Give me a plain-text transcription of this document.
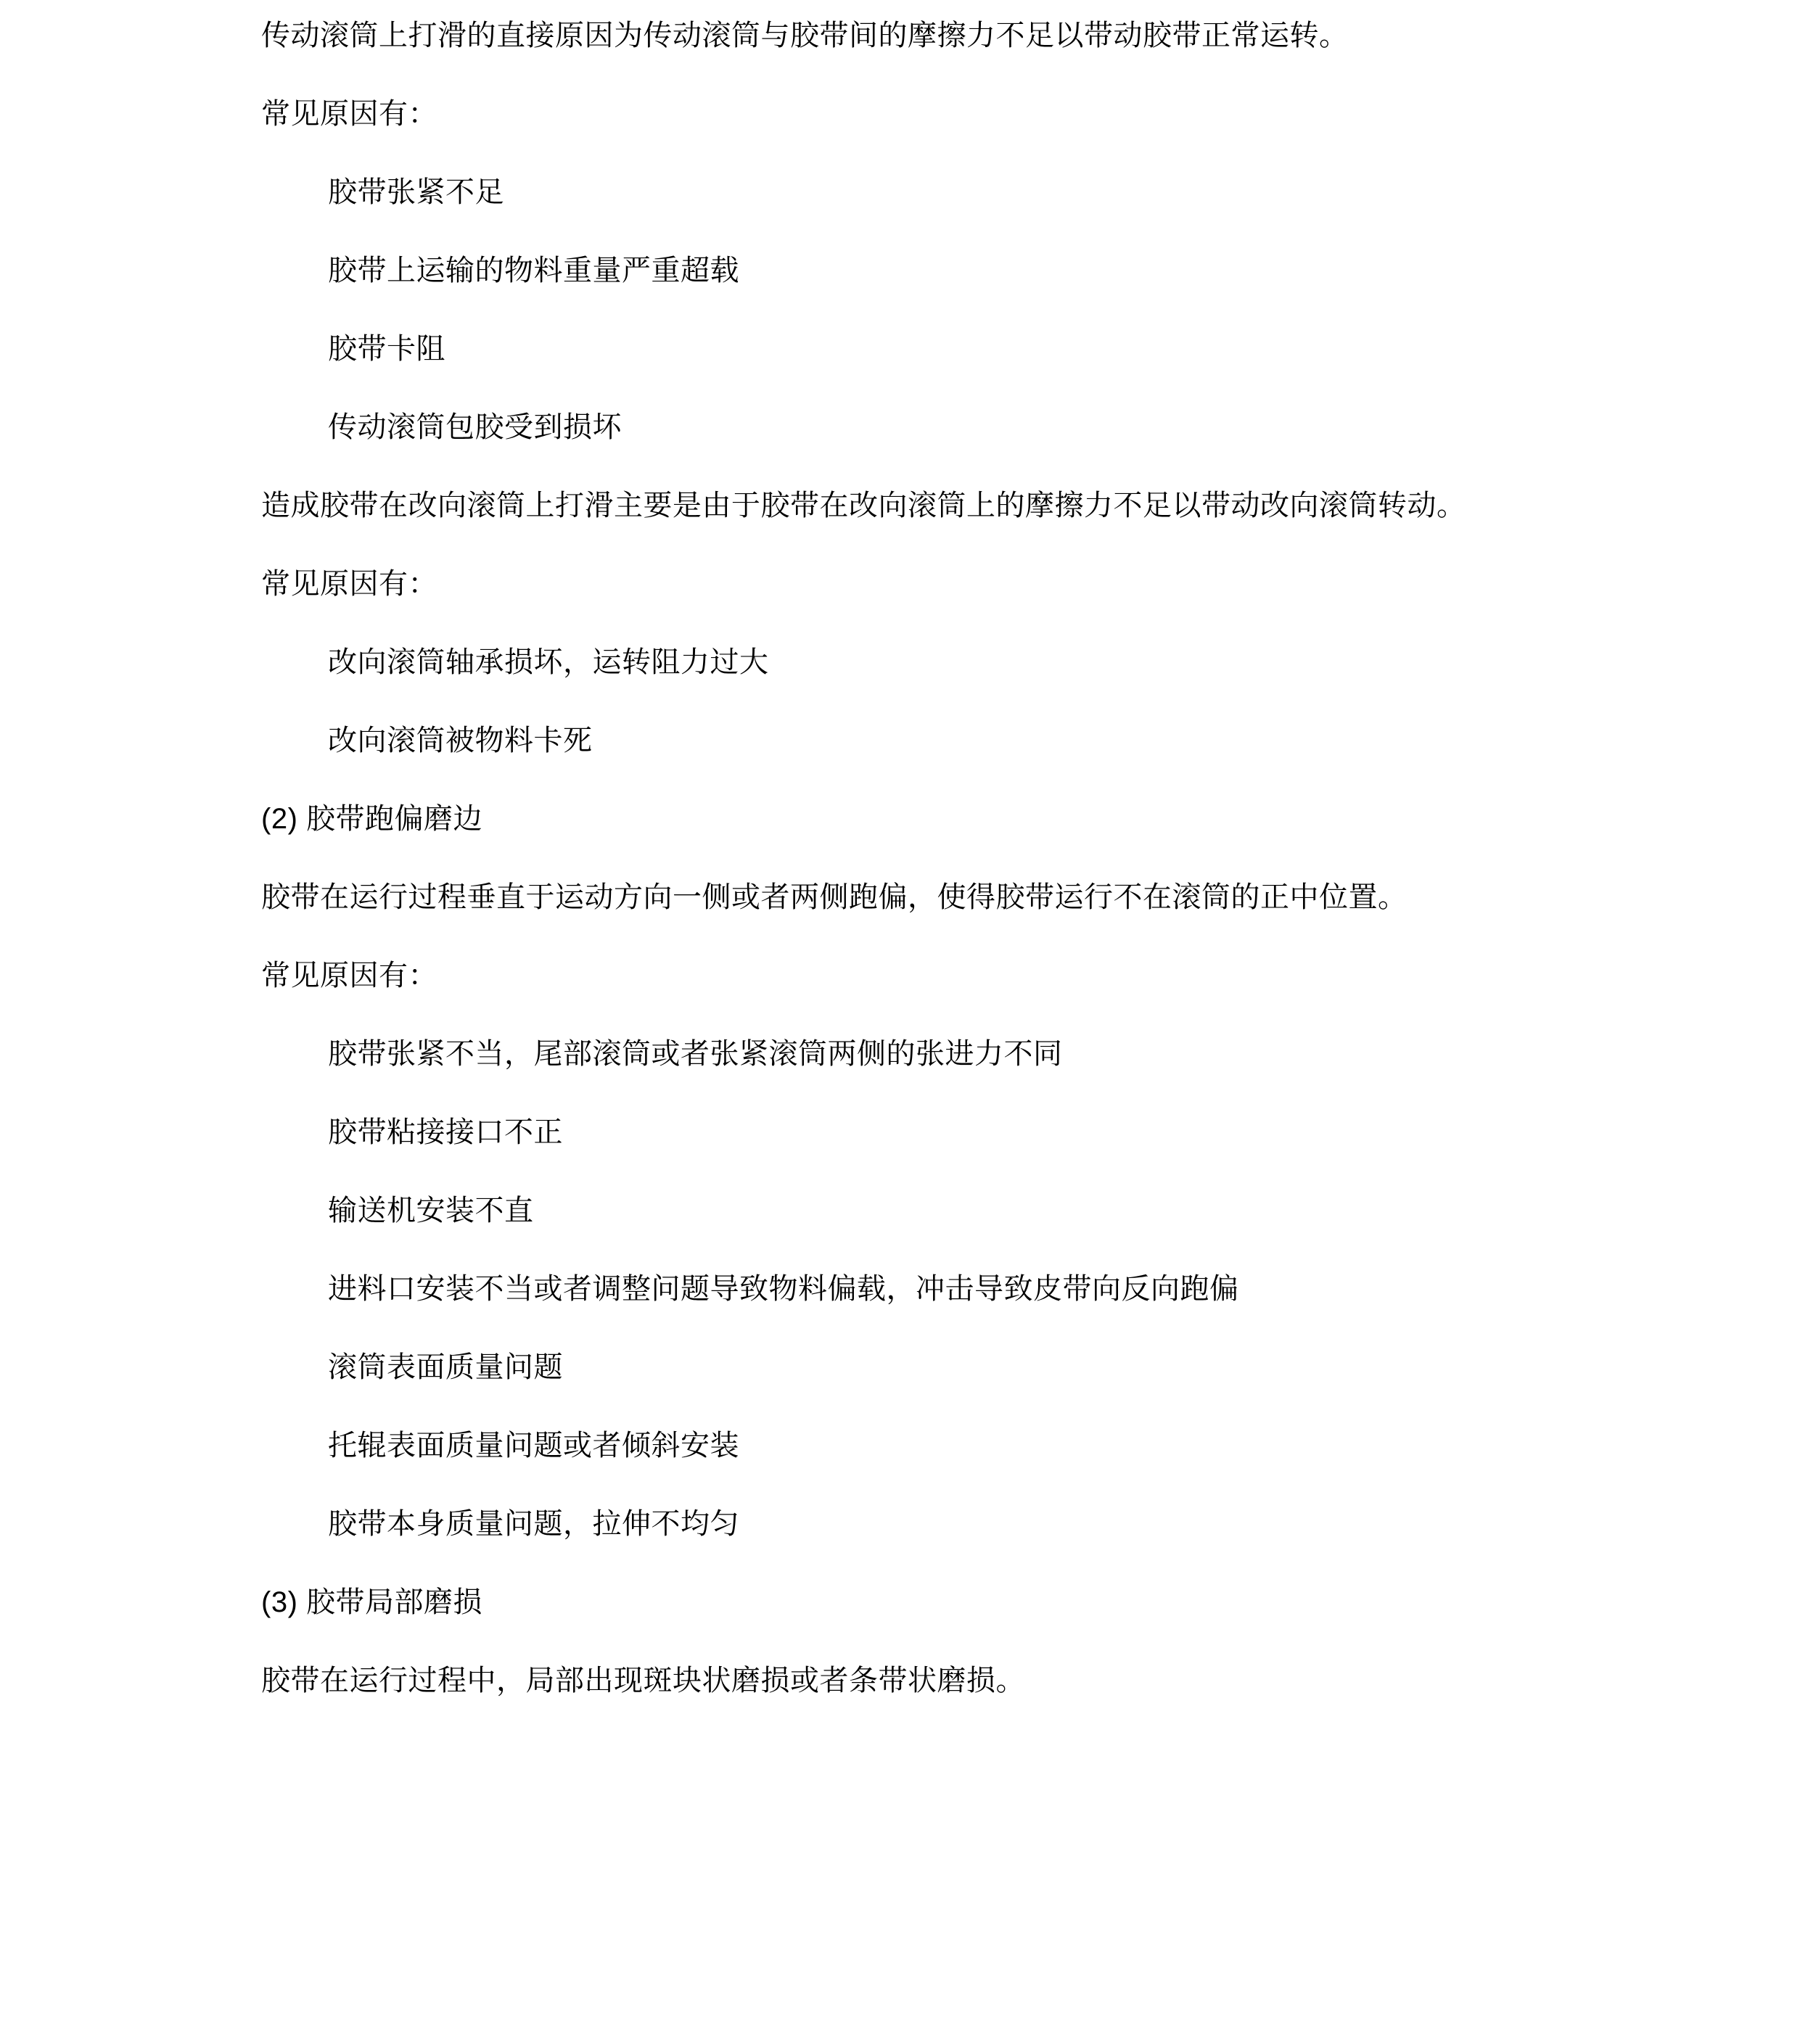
传动滚筒上打滑的直接原因为传动滚筒与胶带间的摩擦力不足以带动胶带正常运转。

常见原因有：

胶带张紧不足

胶带上运输的物料重量严重超载

胶带卡阻

传动滚筒包胶受到损坏

造成胶带在改向滚筒上打滑主要是由于胶带在改向滚筒上的摩擦力不足以带动改向滚筒转动。

常见原因有：

改向滚筒轴承损坏，运转阻力过大

改向滚筒被物料卡死

(2) 胶带跑偏磨边

胶带在运行过程垂直于运动方向一侧或者两侧跑偏，使得胶带运行不在滚筒的正中位置。

常见原因有：

胶带张紧不当，尾部滚筒或者张紧滚筒两侧的张进力不同

胶带粘接接口不正

输送机安装不直

进料口安装不当或者调整问题导致物料偏载，冲击导致皮带向反向跑偏

滚筒表面质量问题

托辊表面质量问题或者倾斜安装

胶带本身质量问题，拉伸不均匀

(3) 胶带局部磨损

胶带在运行过程中，局部出现斑块状磨损或者条带状磨损。
